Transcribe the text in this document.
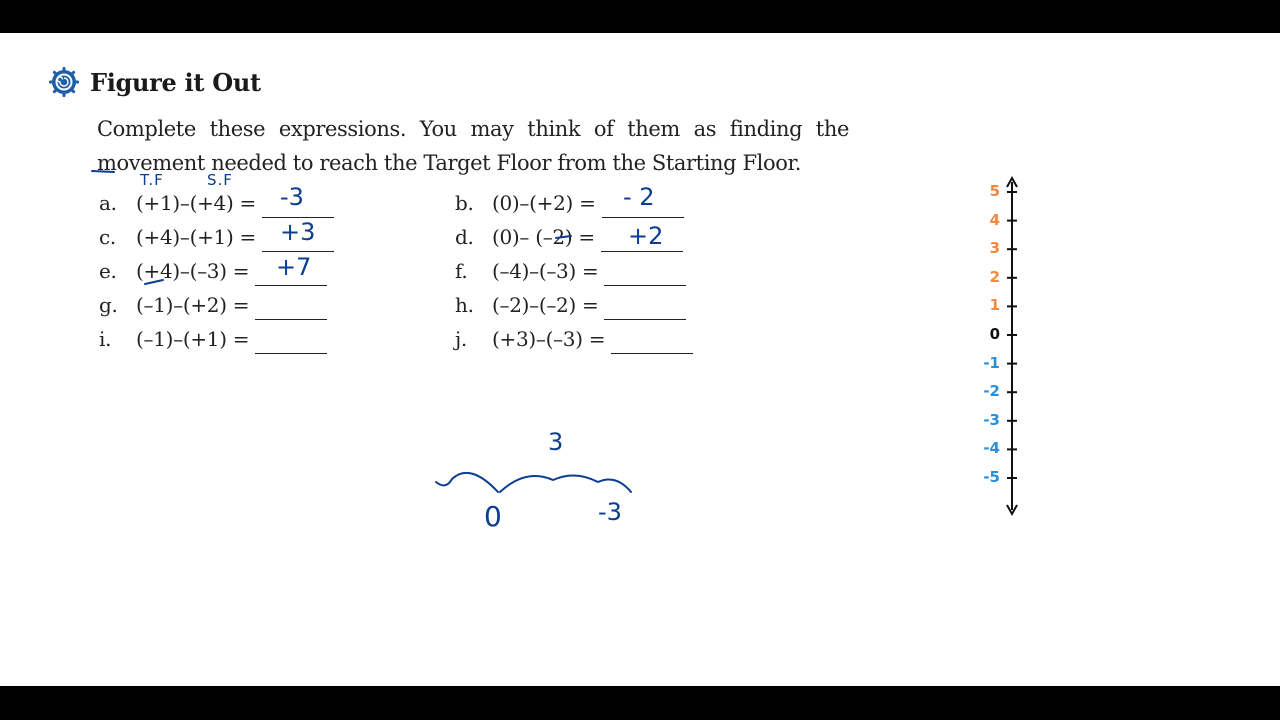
Figure it Out
Complete these expressions. You may think of them as finding the movement needed to reach the Target Floor from the Starting Floor.
a. (+1)–(+4) =
c.	(+4)–(+1) =
e. (+4)–(–3) =
g. (–1)–(+2) =
i.	(–1)–(+1) =
b. (0)–(+2) =
d. (0)– (–2) =
f.	(–4)–(–3) =
h. (–2)–(–2) =
j.	(+3)–(–3) =
T.F	S.F
-3	- 2
+3	+2
+7
3
0	-3
5
4
3
2
1
0
-1
-2
-3
-4
-5
